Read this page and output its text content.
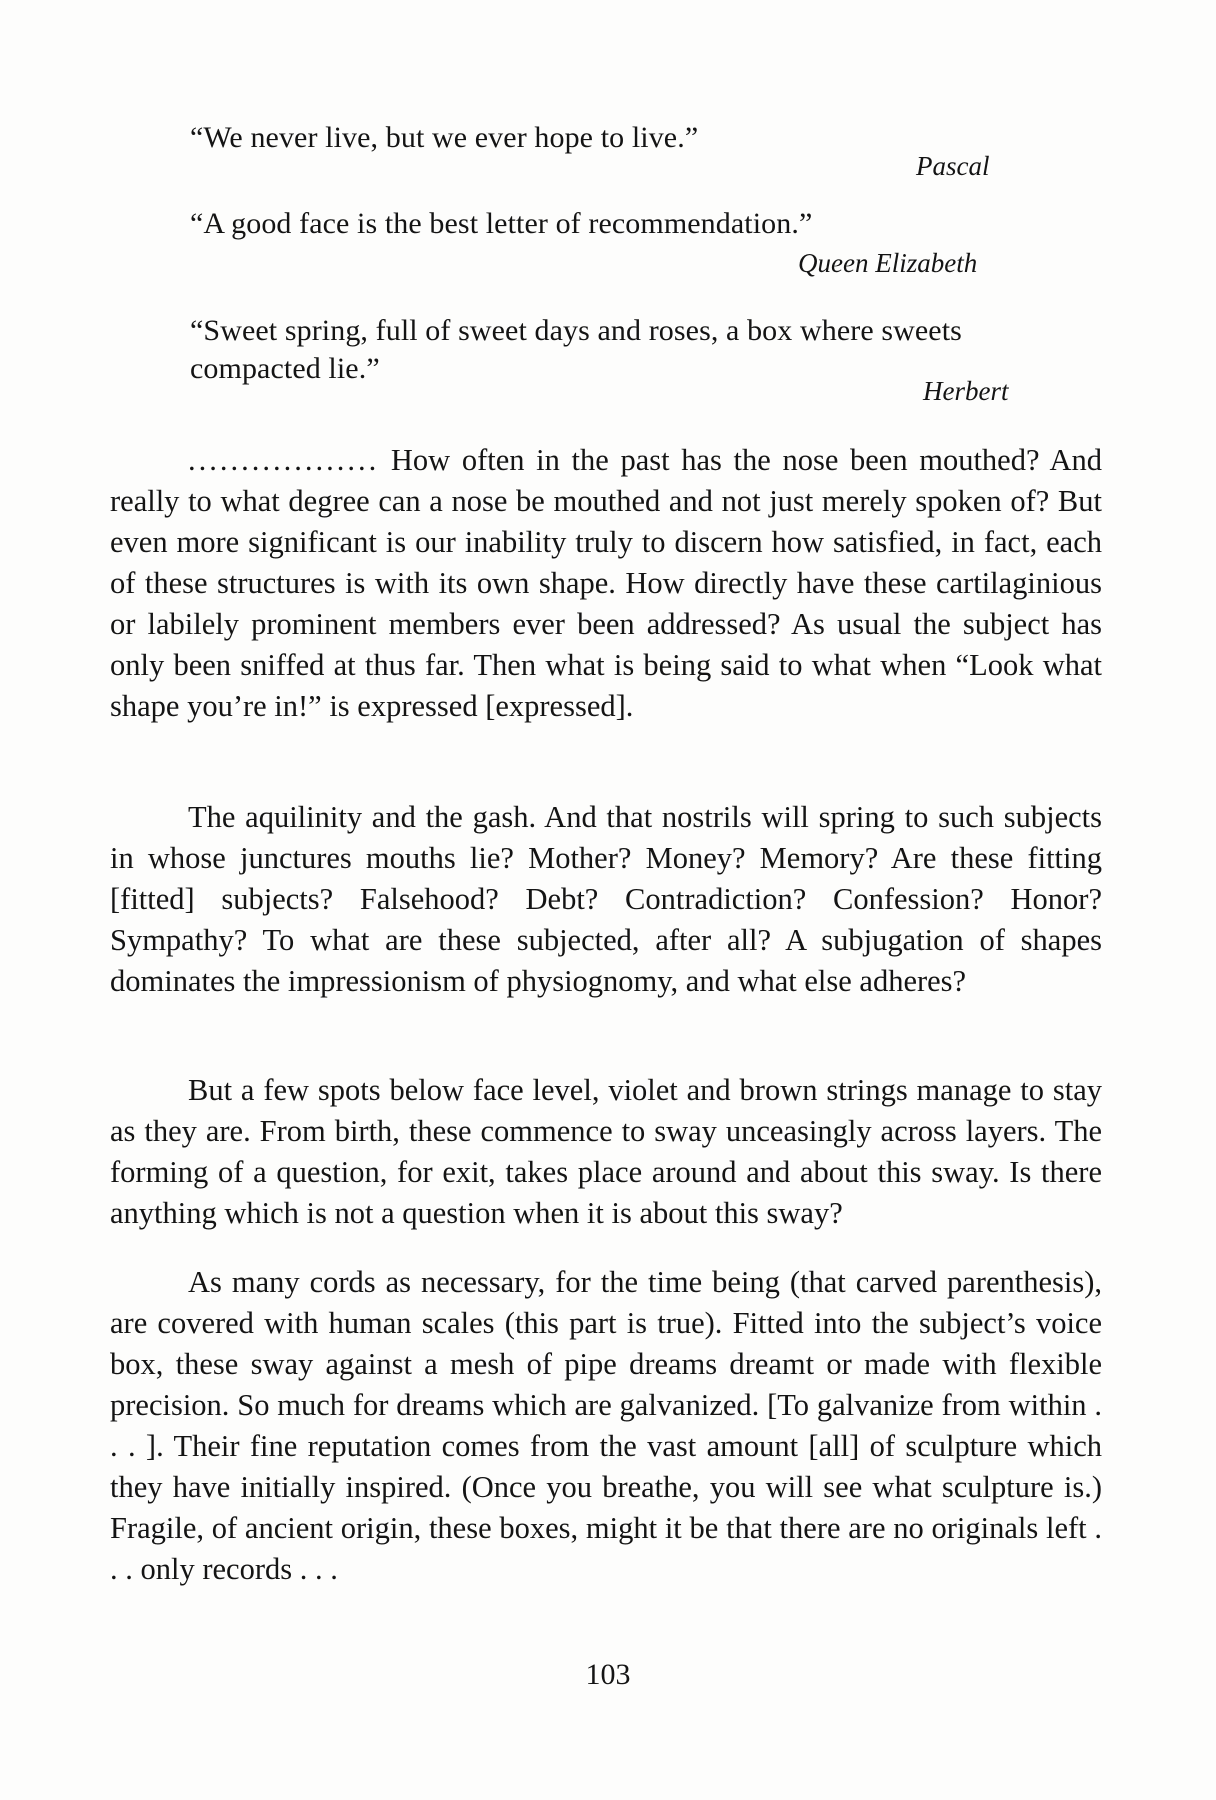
“We never live, but we ever hope to live.”
Pascal
“A good face is the best letter of recommendation.”
Queen Elizabeth
“Sweet spring, full of sweet days and roses, a box where sweets
compacted lie.”
Herbert

.................. How often in the past has the nose been mouthed? And really to what degree can a nose be mouthed and not just merely spoken of? But even more significant is our inability truly to discern how satisfied, in fact, each of these structures is with its own shape. How directly have these cartilaginious or labilely prominent members ever been addressed? As usual the subject has only been sniffed at thus far. Then what is being said to what when “Look what shape you’re in!” is expressed [expressed].

The aquilinity and the gash. And that nostrils will spring to such subjects in whose junctures mouths lie? Mother? Money? Memory? Are these fitting [fitted] subjects? Falsehood? Debt? Contradiction? Confession? Honor? Sympathy? To what are these subjected, after all? A subjugation of shapes dominates the impressionism of physiognomy, and what else adheres?

But a few spots below face level, violet and brown strings manage to stay as they are. From birth, these commence to sway unceasingly across layers. The forming of a question, for exit, takes place around and about this sway. Is there anything which is not a question when it is about this sway?

As many cords as necessary, for the time being (that carved parenthesis), are covered with human scales (this part is true). Fitted into the subject’s voice box, these sway against a mesh of pipe dreams dreamt or made with flexible precision. So much for dreams which are galvanized. [To galvanize from within . . . ]. Their fine reputation comes from the vast amount [all] of sculpture which they have initially inspired. (Once you breathe, you will see what sculpture is.) Fragile, of ancient origin, these boxes, might it be that there are no originals left . . . only records . . .

103
